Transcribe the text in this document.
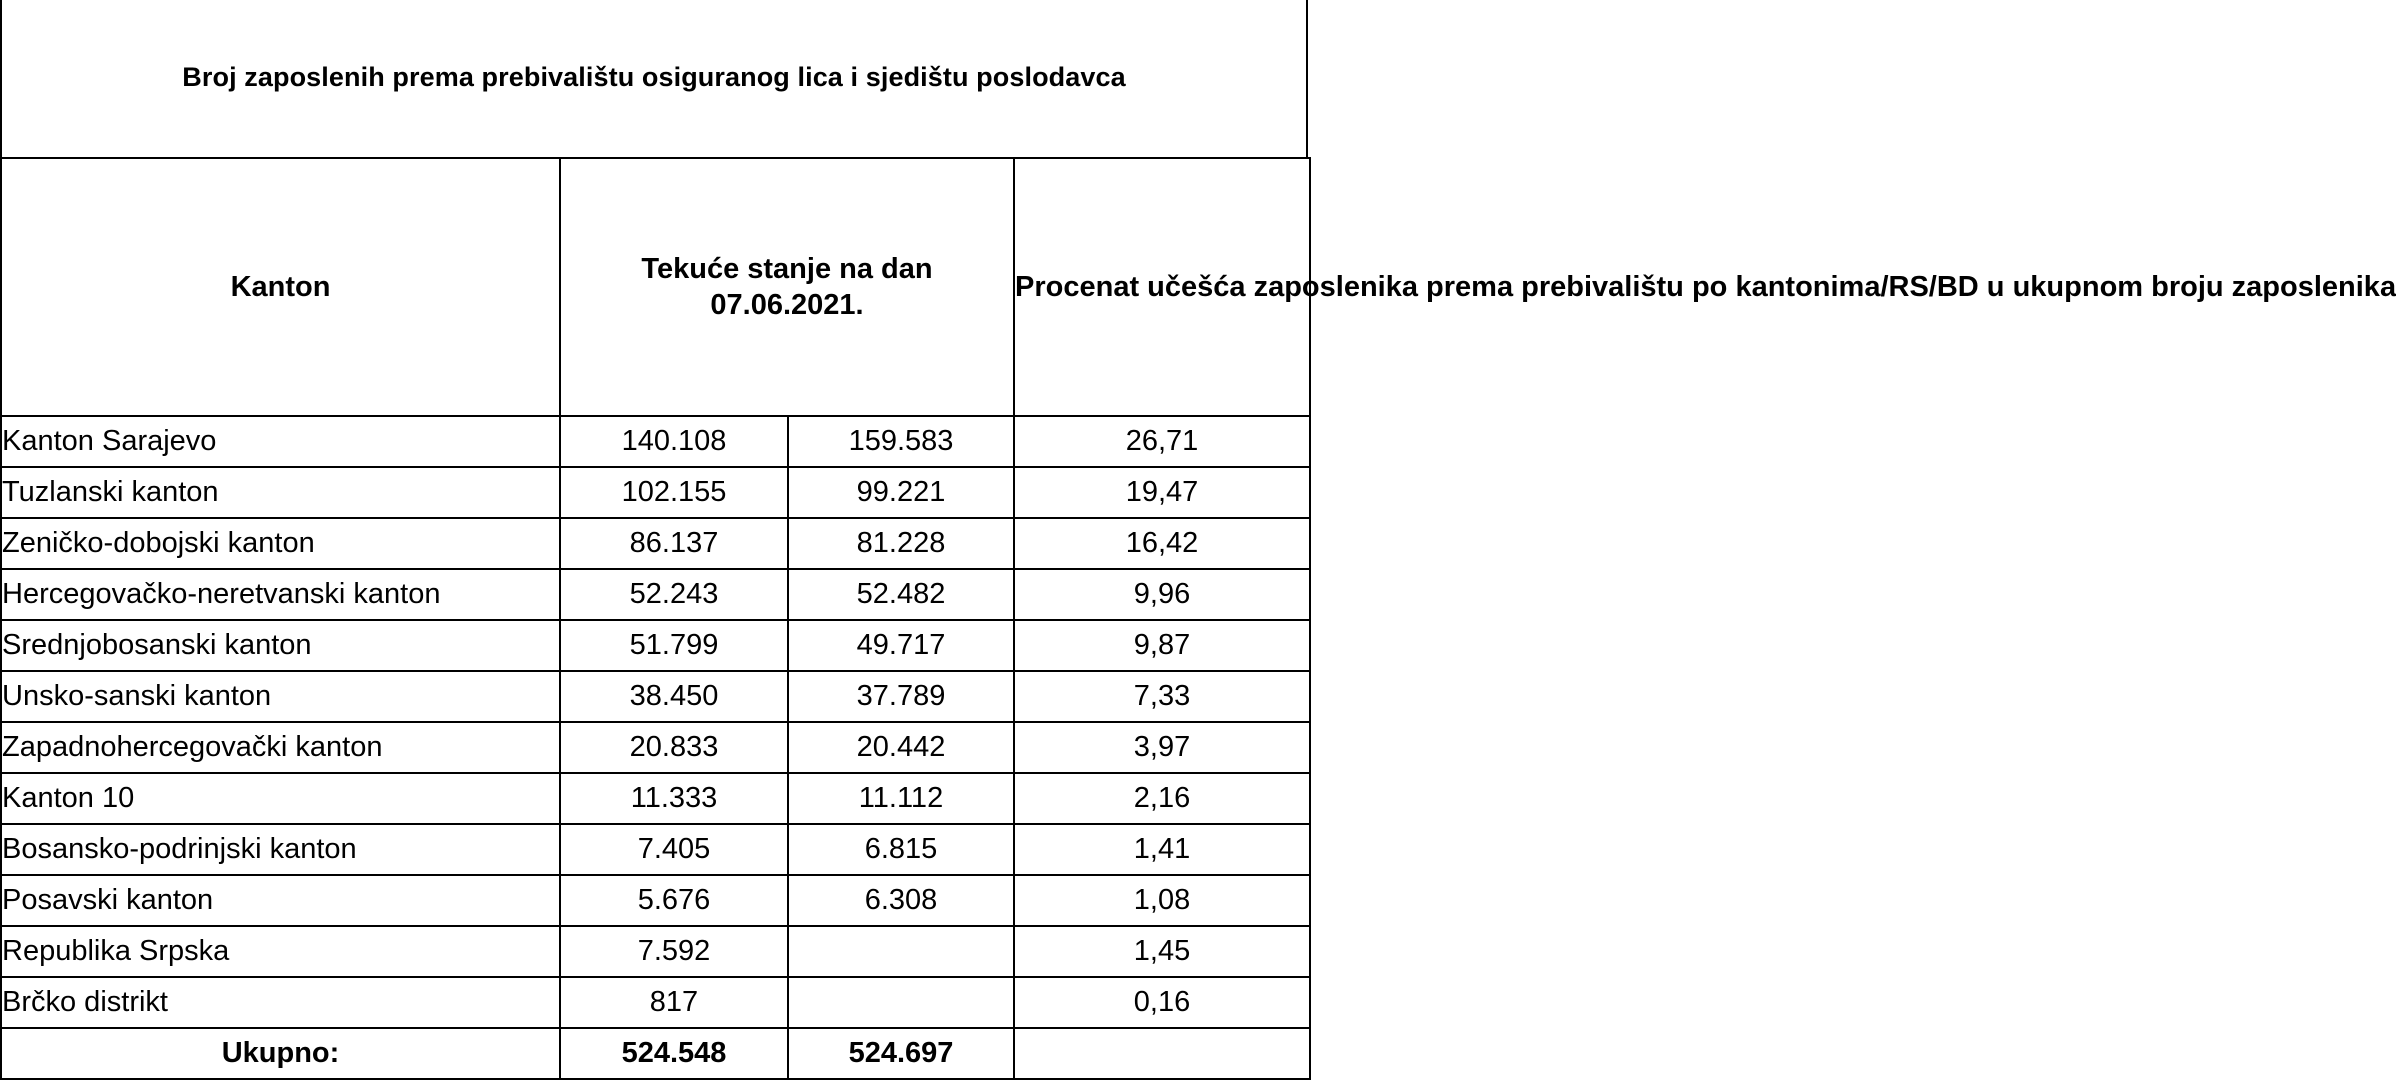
Broj zaposlenih prema prebivalištu osiguranog lica i sjedištu poslodavca
Kanton	Tekuće stanje na dan 07.06.2021.		Procenat učešća zaposlenika prema prebivalištu po kantonima/RS/BD u ukupnom broju zaposlenika
Kanton Sarajevo	140.108	159.583	26,71
Tuzlanski kanton	102.155	99.221	19,47
Zeničko-dobojski kanton	86.137	81.228	16,42
Hercegovačko-neretvanski kanton	52.243	52.482	9,96
Srednjobosanski kanton	51.799	49.717	9,87
Unsko-sanski kanton	38.450	37.789	7,33
Zapadnohercegovački kanton	20.833	20.442	3,97
Kanton 10	11.333	11.112	2,16
Bosansko-podrinjski kanton	7.405	6.815	1,41
Posavski kanton	5.676	6.308	1,08
Republika Srpska	7.592		1,45
Brčko distrikt	817		0,16
Ukupno:	524.548	524.697	
